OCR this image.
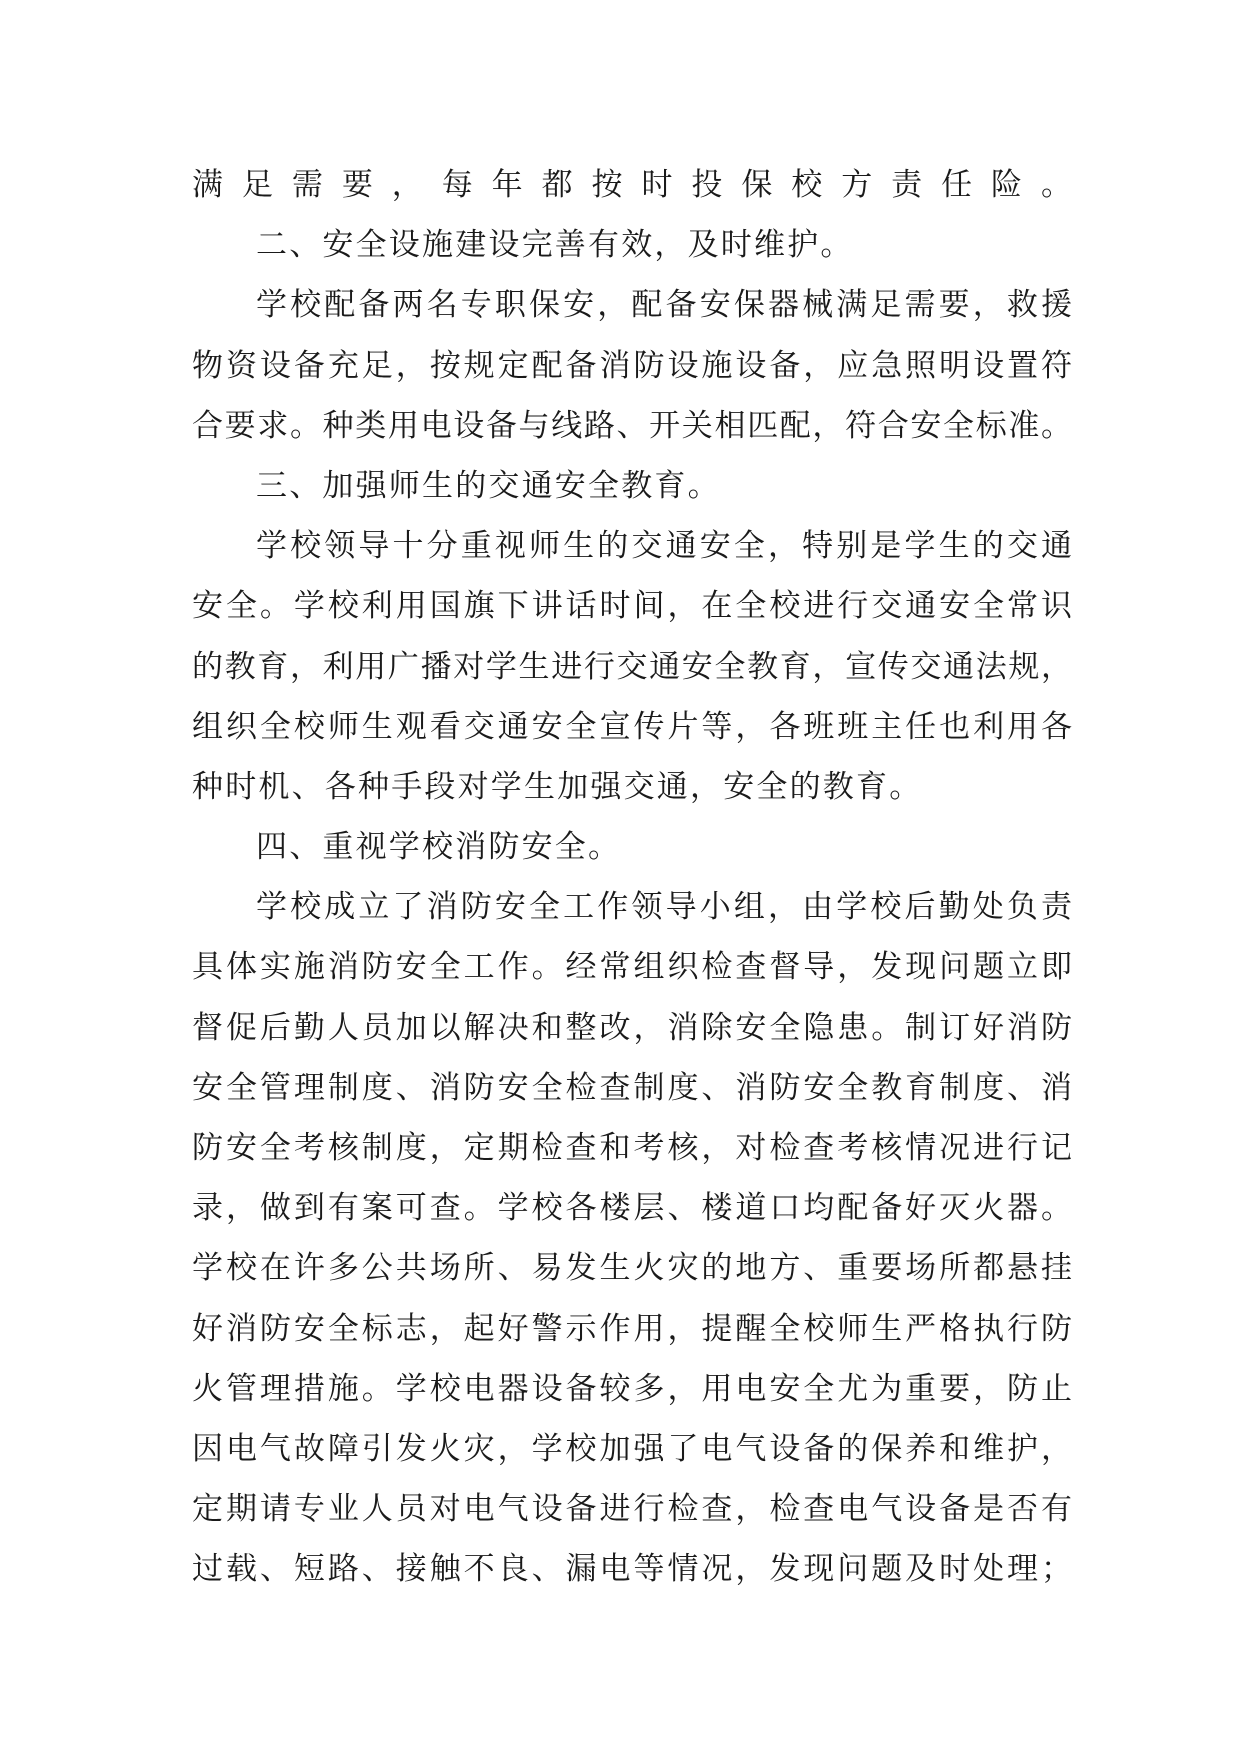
满足需要，每年都按时投保校方责任险。
二、安全设施建设完善有效，及时维护。
学校配备两名专职保安，配备安保器械满足需要，救援
物资设备充足，按规定配备消防设施设备，应急照明设置符
合要求。种类用电设备与线路、开关相匹配，符合安全标准。
三、加强师生的交通安全教育。
学校领导十分重视师生的交通安全，特别是学生的交通
安全。学校利用国旗下讲话时间，在全校进行交通安全常识
的教育，利用广播对学生进行交通安全教育，宣传交通法规，
组织全校师生观看交通安全宣传片等，各班班主任也利用各
种时机、各种手段对学生加强交通，安全的教育。
四、重视学校消防安全。
学校成立了消防安全工作领导小组，由学校后勤处负责
具体实施消防安全工作。经常组织检查督导，发现问题立即
督促后勤人员加以解决和整改，消除安全隐患。制订好消防
安全管理制度、消防安全检查制度、消防安全教育制度、消
防安全考核制度，定期检查和考核，对检查考核情况进行记
录，做到有案可查。学校各楼层、楼道口均配备好灭火器。
学校在许多公共场所、易发生火灾的地方、重要场所都悬挂
好消防安全标志，起好警示作用，提醒全校师生严格执行防
火管理措施。学校电器设备较多，用电安全尤为重要，防止
因电气故障引发火灾，学校加强了电气设备的保养和维护，
定期请专业人员对电气设备进行检查，检查电气设备是否有
过载、短路、接触不良、漏电等情况，发现问题及时处理；
